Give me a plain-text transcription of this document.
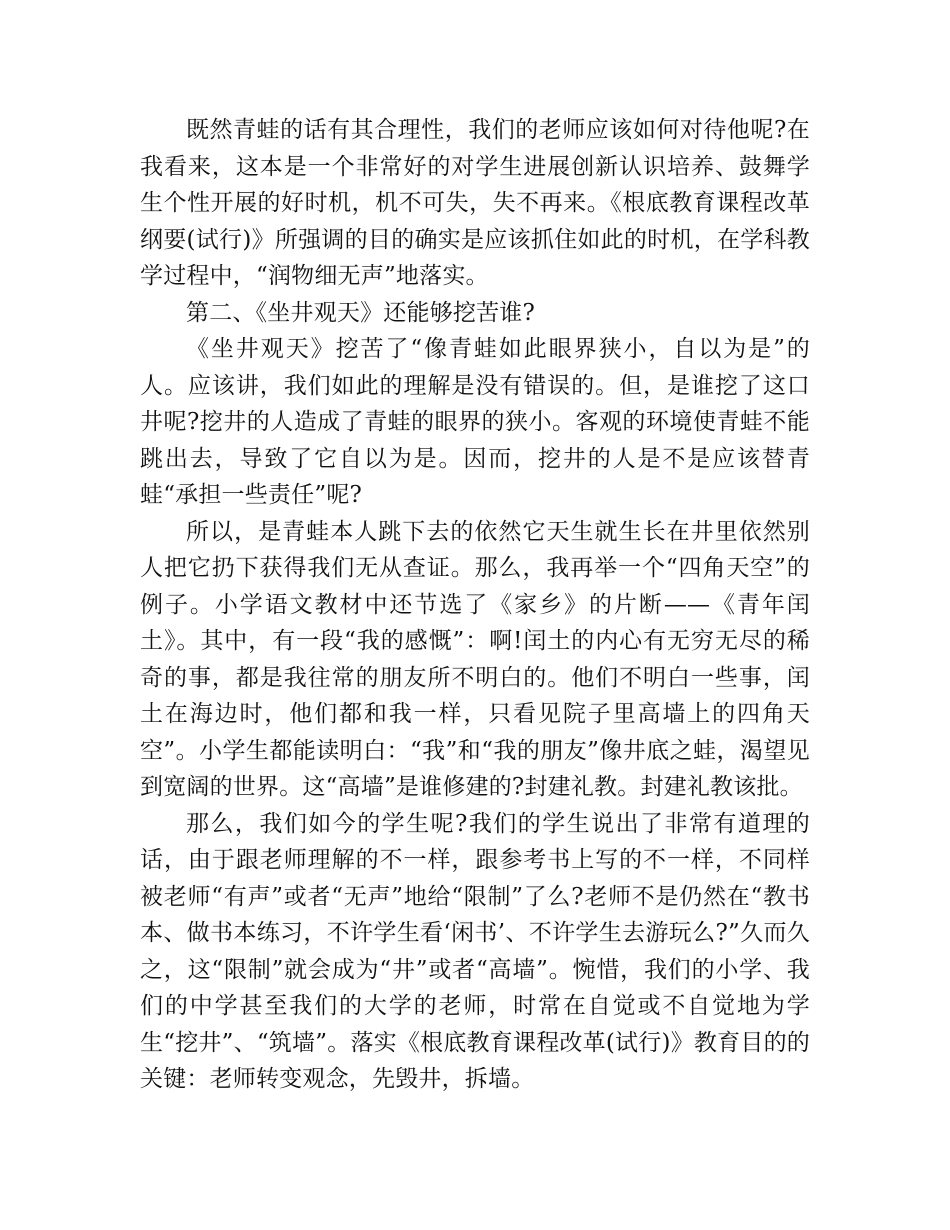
既然青蛙的话有其合理性，我们的老师应该如何对待他呢?在我看来，这本是一个非常好的对学生进展创新认识培养、鼓舞学生个性开展的好时机，机不可失，失不再来。《根底教育课程改革纲要(试行)》所强调的目的确实是应该抓住如此的时机，在学科教学过程中，“润物细无声”地落实。

第二、《坐井观天》还能够挖苦谁?

《坐井观天》挖苦了“像青蛙如此眼界狭小，自以为是”的人。应该讲，我们如此的理解是没有错误的。但，是谁挖了这口井呢?挖井的人造成了青蛙的眼界的狭小。客观的环境使青蛙不能跳出去，导致了它自以为是。因而，挖井的人是不是应该替青蛙“承担一些责任”呢?

所以，是青蛙本人跳下去的依然它天生就生长在井里依然别人把它扔下获得我们无从查证。那么，我再举一个“四角天空”的例子。小学语文教材中还节选了《家乡》的片断——《青年闰土》。其中，有一段“我的感慨”：啊!闰土的内心有无穷无尽的稀奇的事，都是我往常的朋友所不明白的。他们不明白一些事，闰土在海边时，他们都和我一样，只看见院子里高墙上的四角天空”。小学生都能读明白：“我”和“我的朋友”像井底之蛙，渴望见到宽阔的世界。这“高墙”是谁修建的?封建礼教。封建礼教该批。

那么，我们如今的学生呢?我们的学生说出了非常有道理的话，由于跟老师理解的不一样，跟参考书上写的不一样，不同样被老师“有声”或者“无声”地给“限制”了么?老师不是仍然在“教书本、做书本练习，不许学生看‘闲书’、不许学生去游玩么?”久而久之，这“限制”就会成为“井”或者“高墙”。惋惜，我们的小学、我们的中学甚至我们的大学的老师，时常在自觉或不自觉地为学生“挖井”、“筑墙”。落实《根底教育课程改革(试行)》教育目的的关键：老师转变观念，先毁井，拆墙。
